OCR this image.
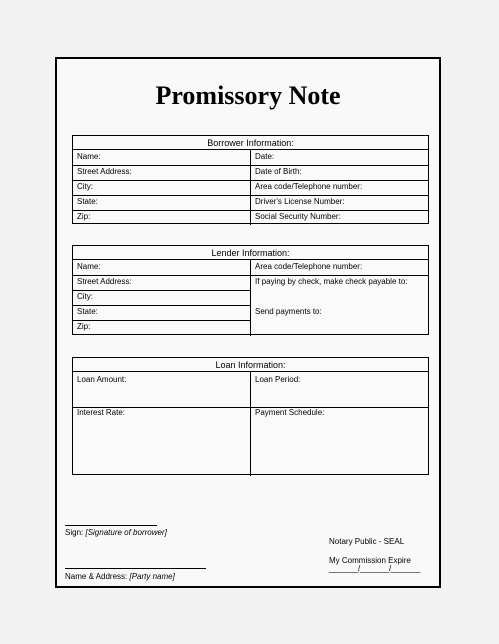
Promissory Note
Borrower Information:
Name:
Street Address:
City:
State:
Zip:
Date:
Date of Birth:
Area code/Telephone number:
Driver's License Number:
Social Security Number:
Lender Information:
Name:
Street Address:
City:
State:
Zip:
Area code/Telephone number:
If paying by check, make check payable to:
Send payments to:
Loan Information:
Loan Amount:	Loan Period:
Interest Rate:	Payment Schedule:
Sign: [Signature of borrower]
Name & Address: [Party name]
Notary Public - SEAL
My Commission Expire
_______/_______/_______
